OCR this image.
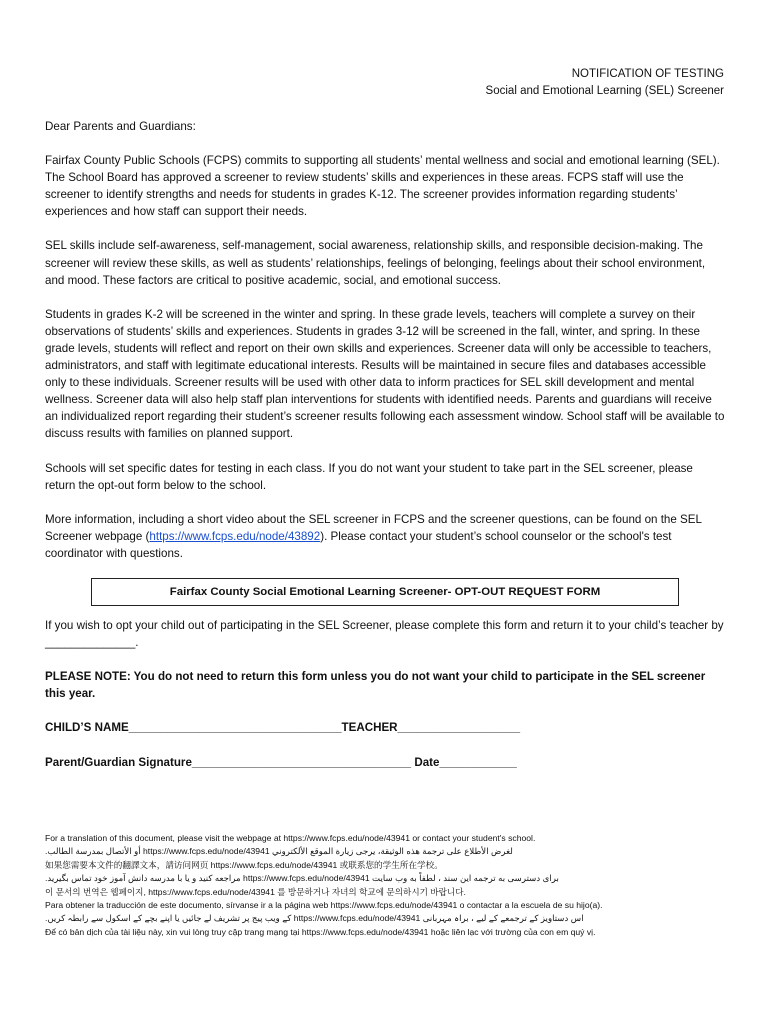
NOTIFICATION OF TESTING
Social and Emotional Learning (SEL) Screener

Dear Parents and Guardians:

Fairfax County Public Schools (FCPS) commits to supporting all students’ mental wellness and social and emotional learning (SEL). The School Board has approved a screener to review students’ skills and experiences in these areas. FCPS staff will use the screener to identify strengths and needs for students in grades K-12. The screener provides information regarding students’ experiences and how staff can support their needs.

SEL skills include self-awareness, self-management, social awareness, relationship skills, and responsible decision-making. The screener will review these skills, as well as students’ relationships, feelings of belonging, feelings about their school environment, and mood. These factors are critical to positive academic, social, and emotional success.

Students in grades K-2 will be screened in the winter and spring. In these grade levels, teachers will complete a survey on their observations of students’ skills and experiences. Students in grades 3-12 will be screened in the fall, winter, and spring. In these grade levels, students will reflect and report on their own skills and experiences. Screener data will only be accessible to teachers, administrators, and staff with legitimate educational interests. Results will be maintained in secure files and databases accessible only to these individuals. Screener results will be used with other data to inform practices for SEL skill development and mental wellness. Screener data will also help staff plan interventions for students with identified needs. Parents and guardians will receive an individualized report regarding their student’s screener results following each assessment window. School staff will be available to discuss results with families on planned support.

Schools will set specific dates for testing in each class. If you do not want your student to take part in the SEL screener, please return the opt-out form below to the school.

More information, including a short video about the SEL screener in FCPS and the screener questions, can be found on the SEL Screener webpage (https://www.fcps.edu/node/43892). Please contact your student’s school counselor or the school's test coordinator with questions.

Fairfax County Social Emotional Learning Screener- OPT-OUT REQUEST FORM

If you wish to opt your child out of participating in the SEL Screener, please complete this form and return it to your child’s teacher by ______________.

PLEASE NOTE: You do not need to return this form unless you do not want your child to participate in the SEL screener this year.

CHILD’S NAME_________________________________TEACHER___________________
Parent/Guardian Signature__________________________________ Date____________
For a translation of this document, please visit the webpage at https://www.fcps.edu/node/43941 or contact your student's school.
لغرض الأطلاع على ترجمة هذه الوثيقة، يرجى زيارة الموقع الألكتروني https://www.fcps.edu/node/43941 أو الأتصال بمدرسة الطالب.
如果您需要本文件的翻譯文本，請访问网页 https://www.fcps.edu/node/43941 或联系您的学生所在学校。
برای دسترسی به ترجمه این سند ، لطفاً به وب سایت https://www.fcps.edu/node/43941 مراجعه کنید و یا با مدرسه دانش آموز خود تماس بگیرید.
이 문서의 번역은 웹페이지, https://www.fcps.edu/node/43941 를 방문하거나 자녀의 학교에 문의하시기 바랍니다.
Para obtener la traducción de este documento, sírvanse ir a la página web https://www.fcps.edu/node/43941 o contactar a la escuela de su hijo(a).
اس دستاویز کے ترجمعے کے لیے ، براہ مہربانی https://www.fcps.edu/node/43941 کے ویب پیج پر تشریف لے جائیں یا اپنے بچے کے اسکول سے رابطہ کریں.
Để có bản dịch của tài liệu này, xin vui lòng truy cập trang mạng tại https://www.fcps.edu/node/43941 hoặc liên lạc với trường của con em quý vị.
